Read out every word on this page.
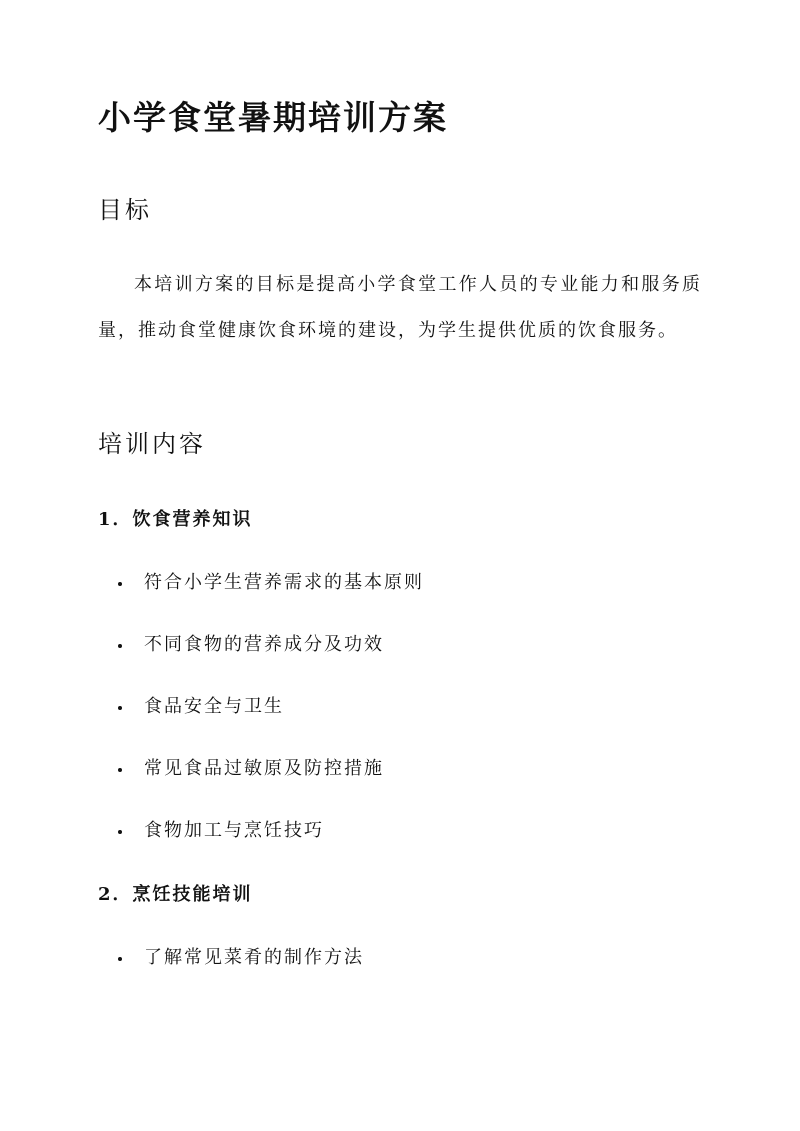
小学食堂暑期培训方案
目标

本培训方案的目标是提高小学食堂工作人员的专业能力和服务质量，推动食堂健康饮食环境的建设，为学生提供优质的饮食服务。

培训内容
1．饮食营养知识
符合小学生营养需求的基本原则
不同食物的营养成分及功效
食品安全与卫生
常见食品过敏原及防控措施
食物加工与烹饪技巧
2．烹饪技能培训
了解常见菜肴的制作方法
